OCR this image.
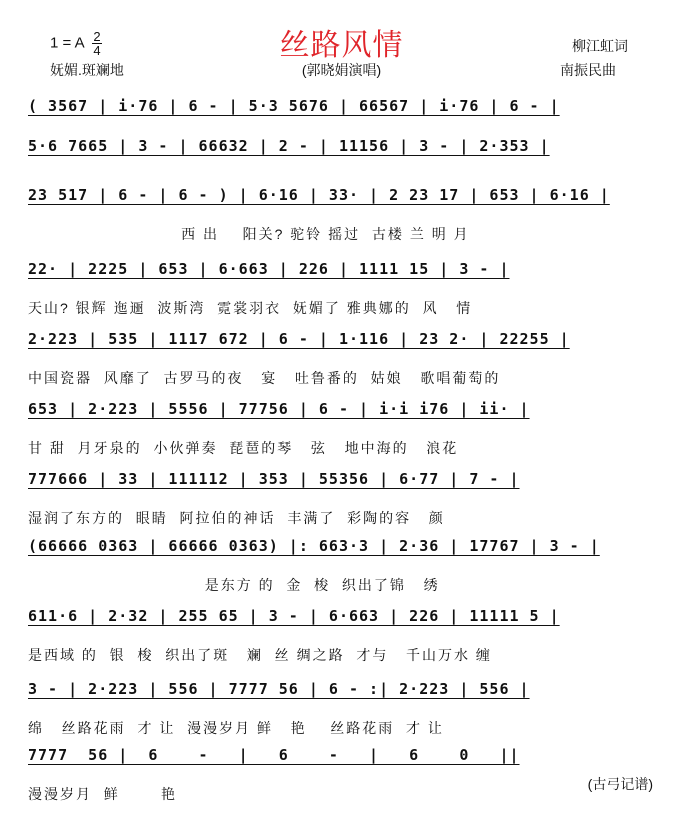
丝路风情
1 = A $\frac{2}{4}$
妩媚.斑斓地	(郭晓娟演唱)
柳江虹词
南振民曲
( 3567 | i·76 | 6 - | 5·3 5676 | 66567 | i·76 | 6 - |
5·6 7665 | 3 - | 66632 | 2 - | 11156 | 3 - | 2·353 |
23 517 | 6 - | 6 - ) | 6·16 | 33· | 2 23 17 | 653 | 6·16 |
西 出    阳关? 驼铃 摇过  古楼 兰 明 月
22· | 2225 | 653 | 6·663 | 226 | 1111 15 | 3 - |
天山? 银辉 迤逦  波斯湾  霓裳羽衣  妩媚了 雅典娜的  风   情
2·223 | 535 | 1117 672 | 6 - | 1·116 | 23 2· | 22255 |
中国瓷器  风靡了  古罗马的夜   宴   吐鲁番的  姑娘   歌唱葡萄的
653 | 2·223 | 5556 | 77756 | 6 - | i·i i76 | ii· |
甘 甜  月牙泉的  小伙弹奏  琵琶的琴   弦   地中海的   浪花
777666 | 33 | 111112 | 353 | 55356 | 6·77 | 7 - |
湿润了东方的  眼睛  阿拉伯的神话  丰满了  彩陶的容   颜
(66666 0363 | 66666 0363) |: 663·3 | 2·36 | 17767 | 3 - |
是东方 的  金  梭  织出了锦   绣
611·6 | 2·32 | 255 65 | 3 - | 6·663 | 226 | 11111 5 |
是西域 的  银  梭  织出了斑   斓  丝 绸之路  才与   千山万水 缠
3 - | 2·223 | 556 | 7777 56 | 6 - :| 2·223 | 556 |
绵   丝路花雨  才 让  漫漫岁月 鲜   艳    丝路花雨  才 让
7777  56 |  6    -   |   6    -   |   6    0   ||
漫漫岁月  鲜       艳
(古弓记谱)
